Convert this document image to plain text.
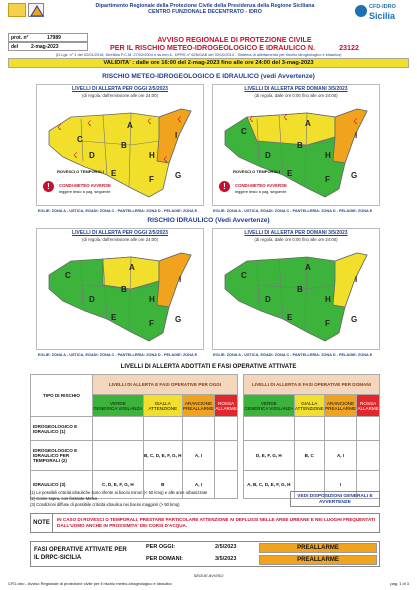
Dipartimento Regionale della Protezione Civile della Presidenza della Regione Siciliana
CENTRO FUNZIONALE DECENTRATO - IDRO
CFD-IDRO
Sicilia
prot. n°	17989
del	2-mag-2023
AVVISO REGIONALE DI PROTEZIONE CIVILE
PER IL RISCHIO METEO-IDROGEOLOGICO E IDRAULICO N.	23122
(D.Lgs. n° 1 del 02/01/2018, Direttiva P.C.M. 27/02/2004 e ss.mm.ii., DPRS n° 626/GAB del 30/10/2014 - Sistema di allertamento per rischio idrogeologico e idraulico)
VALIDITA' : dalle ore 16:00 del 2-mag-2023 fino alle ore 24:00 del 3-mag-2023
RISCHIO METEO-IDROGEOLOGICO E IDRAULICO (vedi Avvertenze)
LIVELLI DI ALLERTA PER OGGI 2/5/2023
(di regola, dall'emissione alle ore 24:00)
A
B
C
D
E
F	G
H
I
☇	☇	☇	☇
☇	☇
ROVESCI O TEMPORALI
!	CONDI-METEO AVVERSE
leggere testo a pag. seguente
LIVELLI DI ALLERTA PER DOMANI 3/5/2023
(di regola, dalle ore 0:00 fino alle ore 24:00)
A
B
C
D
E
F	G
H
I
☇	☇	☇
ROVESCI O TEMPORALI
!	CONDI-METEO AVVERSE
leggere testo a pag. seguente
EOLIE: ZONA A - USTICA, EGADI: ZONA C - PANTELLERIA: ZONA D - PELAGIE: ZONA E	EOLIE: ZONA A - USTICA, EGADI: ZONA C - PANTELLERIA: ZONA D - PELAGIE: ZONA E
RISCHIO IDRAULICO (Vedi Avvertenze)
LIVELLI DI ALLERTA PER OGGI 2/5/2023
(di regola, dall'emissione alle ore 24:00)
A
B
C
D
E
F	G
H
I
LIVELLI DI ALLERTA PER DOMANI 3/5/2023
(di regola, dalle ore 0:00 fino alle ore 24:00)
A
B
C
D
E
F	G
H
I
EOLIE: ZONA A - USTICA, EGADI: ZONA C - PANTELLERIA: ZONA D - PELAGIE: ZONA E	EOLIE: ZONA A - USTICA, EGADI: ZONA C - PANTELLERIA: ZONA D - PELAGIE: ZONA E
LIVELLI DI ALLERTA ADOTTATI E FASI OPERATIVE ATTIVATE
TIPO DI RISCHIO	LIVELLI DI ALLERTA E FASI OPERATIVE PER OGGI					LIVELLI DI ALLERTA E FASI OPERATIVE PER DOMANI			
	VERDE
GENERICA VIGILANZA	GIALLA
ATTENZIONE	ARANCIONE
PREALLARME	ROSSA
ALLARME		VERDE
GENERICA VIGILANZA	GIALLA
ATTENZIONE	ARANCIONE
PREALLARME	ROSSA
ALLARME
IDROGEOLOGICO E IDRAULICO (1)									
IDROGEOLOGICO E IDRAULICO PER TEMPORALI (2)		B, C, D, E, F, G, H	A, I			D, E, F, G, H	B, C	A, I	
IDRAULICO (3)	C, D, E, F, G, H	B	A, I			A, B, C, D, E, F, G, H		I	
(1) Le possibili criticità idrauliche sono riferite ai bacini minori (< 50 kmq) e alle aree urbanizzate
(2) Come sopra, con forzante Meteo
(3) Condizioni diffuse di possibile criticità idraulica nei bacini maggiori (> 50 kmq)
VEDI DISPOSIZIONI GENERALI E AVVERTENZE
NOTE
IN CASO DI ROVESCI O TEMPORALI, PRESTARE PARTICOLARE ATTENZIONE AI DEFLUSSI NELLE AREE URBANE E NEI LUOGHI FREQUENTATI DALL'UOMO ANCHE IN PROSSIMITA' DEI CORSI D'ACQUA.
FASI OPERATIVE ATTIVATE PER IL DRPC-SICILIA
PER OGGI:	2/5/2023	PREALLARME
PER DOMANI:	3/5/2023	PREALLARME
SEGUE AVVISO
CFD-Idro - Avviso Regionale di protezione civile per il rischio meteo-idrogeologico e idraulico	pag. 1 di 3
